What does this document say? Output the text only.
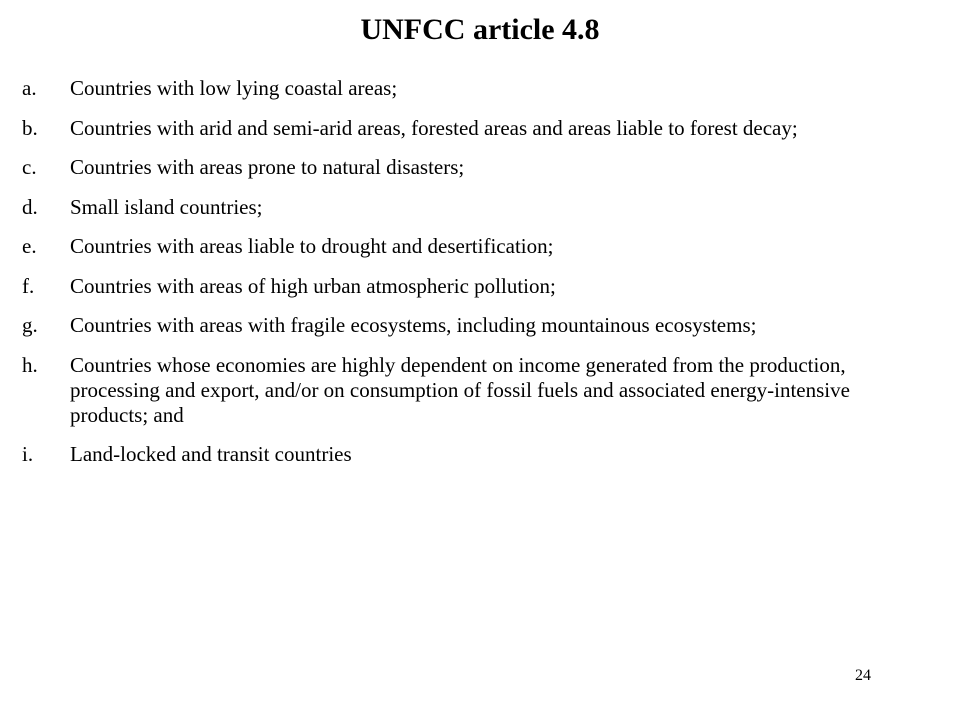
UNFCC article 4.8
a.	Countries with low lying coastal areas;
b.	Countries with arid and semi-arid areas, forested areas and areas liable to forest decay;
c.	Countries with areas prone to natural disasters;
d.	Small island countries;
e.	Countries with areas liable to drought and desertification;
f.	Countries with areas of high urban atmospheric pollution;
g.	Countries with areas with fragile ecosystems, including mountainous ecosystems;
h.	Countries whose economies are highly dependent on income generated from the production, processing and export, and/or on consumption of fossil fuels and associated energy-intensive products; and
i.	Land-locked and transit countries
24
